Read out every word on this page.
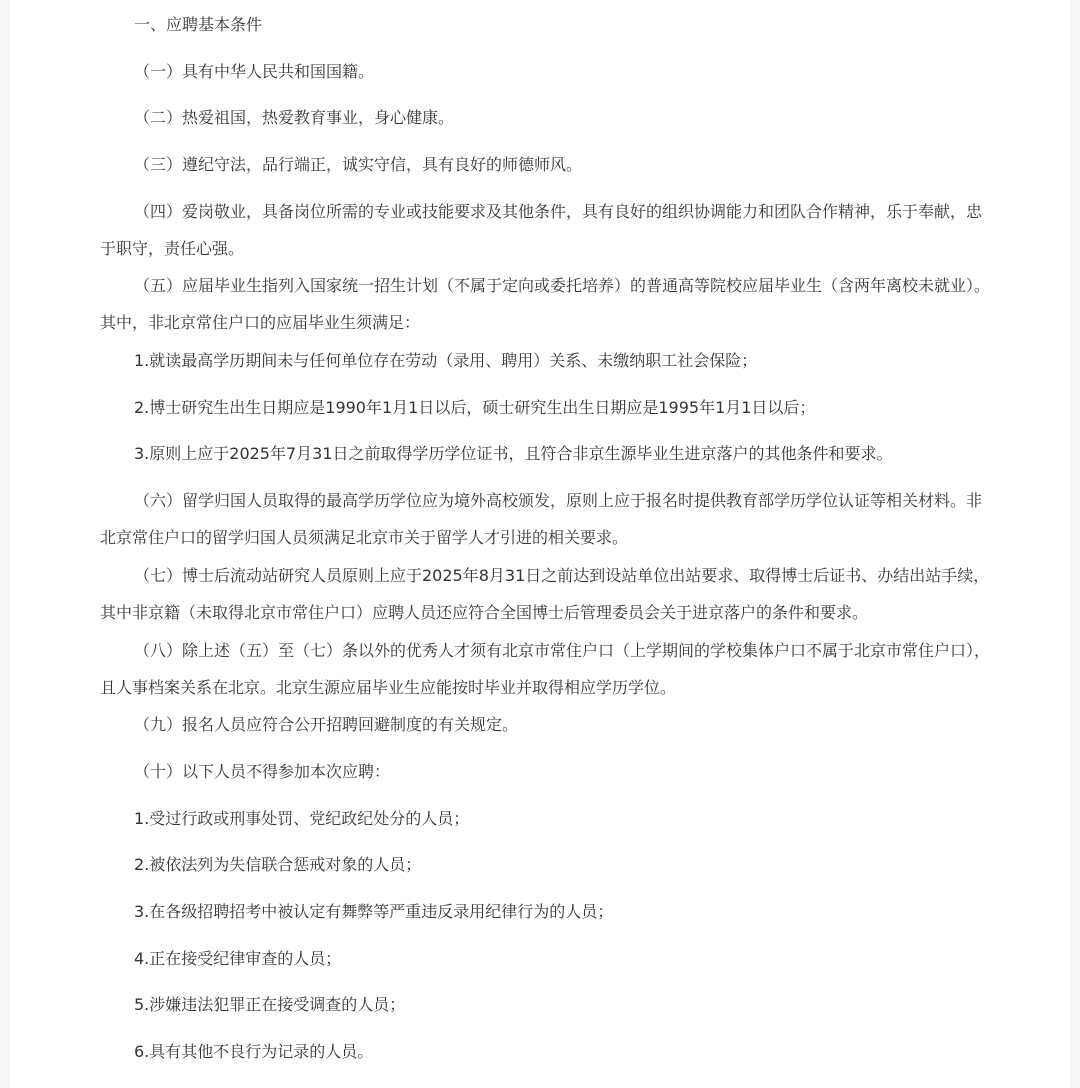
一、应聘基本条件

（一）具有中华人民共和国国籍。

（二）热爱祖国，热爱教育事业，身心健康。

（三）遵纪守法，品行端正，诚实守信，具有良好的师德师风。

（四）爱岗敬业，具备岗位所需的专业或技能要求及其他条件，具有良好的组织协调能力和团队合作精神，乐于奉献，忠于职守，责任心强。

（五）应届毕业生指列入国家统一招生计划（不属于定向或委托培养）的普通高等院校应届毕业生（含两年离校未就业）。其中，非北京常住户口的应届毕业生须满足：

1.就读最高学历期间未与任何单位存在劳动（录用、聘用）关系、未缴纳职工社会保险；

2.博士研究生出生日期应是1990年1月1日以后，硕士研究生出生日期应是1995年1月1日以后；

3.原则上应于2025年7月31日之前取得学历学位证书，且符合非京生源毕业生进京落户的其他条件和要求。

（六）留学归国人员取得的最高学历学位应为境外高校颁发，原则上应于报名时提供教育部学历学位认证等相关材料。非北京常住户口的留学归国人员须满足北京市关于留学人才引进的相关要求。

（七）博士后流动站研究人员原则上应于2025年8月31日之前达到设站单位出站要求、取得博士后证书、办结出站手续，其中非京籍（未取得北京市常住户口）应聘人员还应符合全国博士后管理委员会关于进京落户的条件和要求。

（八）除上述（五）至（七）条以外的优秀人才须有北京市常住户口（上学期间的学校集体户口不属于北京市常住户口），且人事档案关系在北京。北京生源应届毕业生应能按时毕业并取得相应学历学位。

（九）报名人员应符合公开招聘回避制度的有关规定。

（十）以下人员不得参加本次应聘：

1.受过行政或刑事处罚、党纪政纪处分的人员；

2.被依法列为失信联合惩戒对象的人员；

3.在各级招聘招考中被认定有舞弊等严重违反录用纪律行为的人员；

4.正在接受纪律审查的人员；

5.涉嫌违法犯罪正在接受调查的人员；

6.具有其他不良行为记录的人员。
